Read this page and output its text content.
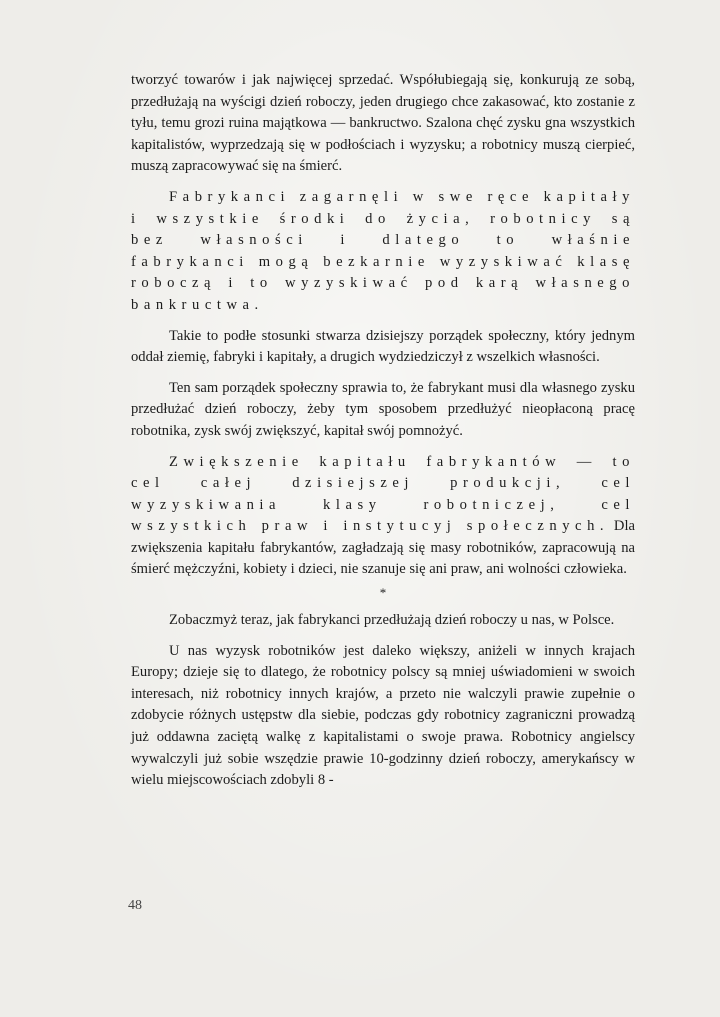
tworzyć towarów i jak najwięcej sprzedać. Współubiegają się, konkurują ze sobą, przedłużają na wyścigi dzień roboczy, jeden drugiego chce zakasować, kto zostanie z tyłu, temu grozi ruina majątkowa — bankructwo. Szalona chęć zysku gna wszystkich kapitalistów, wyprzedzają się w podłościach i wyzysku; a robotnicy muszą cierpieć, muszą zapracowywać się na śmierć.

Fabrykanci zagarnęli w swe ręce kapitały i wszystkie środki do życia, robotnicy są bez własności i dlatego to właśnie fabrykanci mogą bezkarnie wyzyskiwać klasę roboczą i to wyzyskiwać pod karą własnego bankructwa.

Takie to podłe stosunki stwarza dzisiejszy porządek społeczny, który jednym oddał ziemię, fabryki i kapitały, a drugich wydziedziczył z wszelkich własności.

Ten sam porządek społeczny sprawia to, że fabrykant musi dla własnego zysku przedłużać dzień roboczy, żeby tym sposobem przedłużyć nieopłaconą pracę robotnika, zysk swój zwiększyć, kapitał swój pomnożyć.

Zwiększenie kapitału fabrykantów — to cel całej dzisiejszej produkcji, cel wyzyskiwania klasy robotniczej, cel wszystkich praw i instytucyj społecznych. Dla zwiększenia kapitału fabrykantów, zagładzają się masy robotników, zapracowują na śmierć mężczyźni, kobiety i dzieci, nie szanuje się ani praw, ani wolności człowieka.

*

Zobaczmyż teraz, jak fabrykanci przedłużają dzień roboczy u nas, w Polsce.

U nas wyzysk robotników jest daleko większy, aniżeli w innych krajach Europy; dzieje się to dlatego, że robotnicy polscy są mniej uświadomieni w swoich interesach, niż robotnicy innych krajów, a przeto nie walczyli prawie zupełnie o zdobycie różnych ustępstw dla siebie, podczas gdy robotnicy zagraniczni prowadzą już oddawna zaciętą walkę z kapitalistami o swoje prawa. Robotnicy angielscy wywalczyli już sobie wszędzie prawie 10-godzinny dzień roboczy, amerykańscy w wielu miejscowościach zdobyli 8 -

48
